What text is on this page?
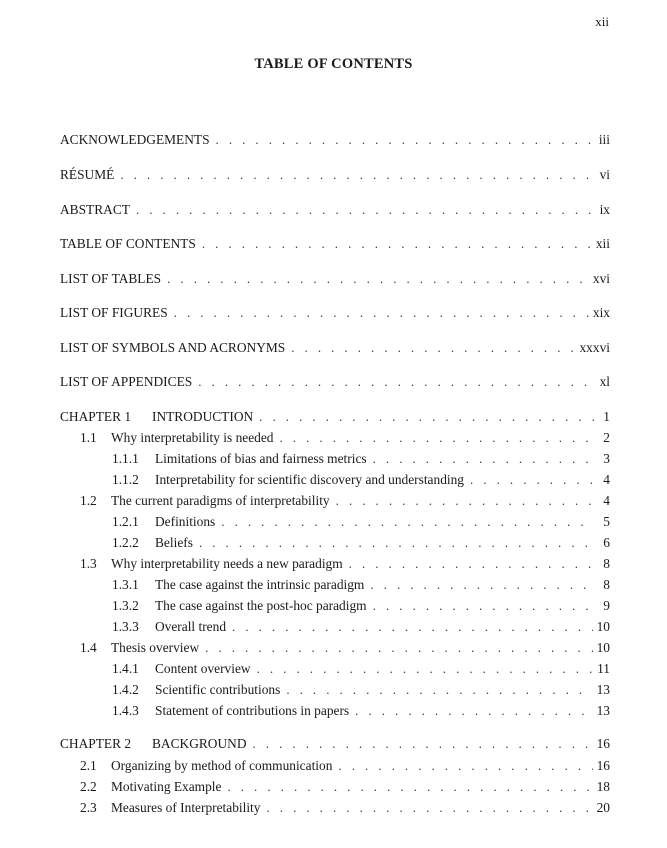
xii
TABLE OF CONTENTS
ACKNOWLEDGEMENTS . . .	iii
RÉSUMÉ . . .	vi
ABSTRACT . . .	ix
TABLE OF CONTENTS . . .	xii
LIST OF TABLES . . .	xvi
LIST OF FIGURES . . .	xix
LIST OF SYMBOLS AND ACRONYMS . . .	xxxvi
LIST OF APPENDICES . . .	xl
CHAPTER 1	INTRODUCTION . . .	1
1.1	Why interpretability is needed . . .	2
1.1.1	Limitations of bias and fairness metrics . . .	3
1.1.2	Interpretability for scientific discovery and understanding . . .	4
1.2	The current paradigms of interpretability . . .	4
1.2.1	Definitions . . .	5
1.2.2	Beliefs . . .	6
1.3	Why interpretability needs a new paradigm . . .	8
1.3.1	The case against the intrinsic paradigm . . .	8
1.3.2	The case against the post-hoc paradigm . . .	9
1.3.3	Overall trend . . .	10
1.4	Thesis overview . . .	10
1.4.1	Content overview . . .	11
1.4.2	Scientific contributions . . .	13
1.4.3	Statement of contributions in papers . . .	13
CHAPTER 2	BACKGROUND . . .	16
2.1	Organizing by method of communication . . .	16
2.2	Motivating Example . . .	18
2.3	Measures of Interpretability . . .	20
